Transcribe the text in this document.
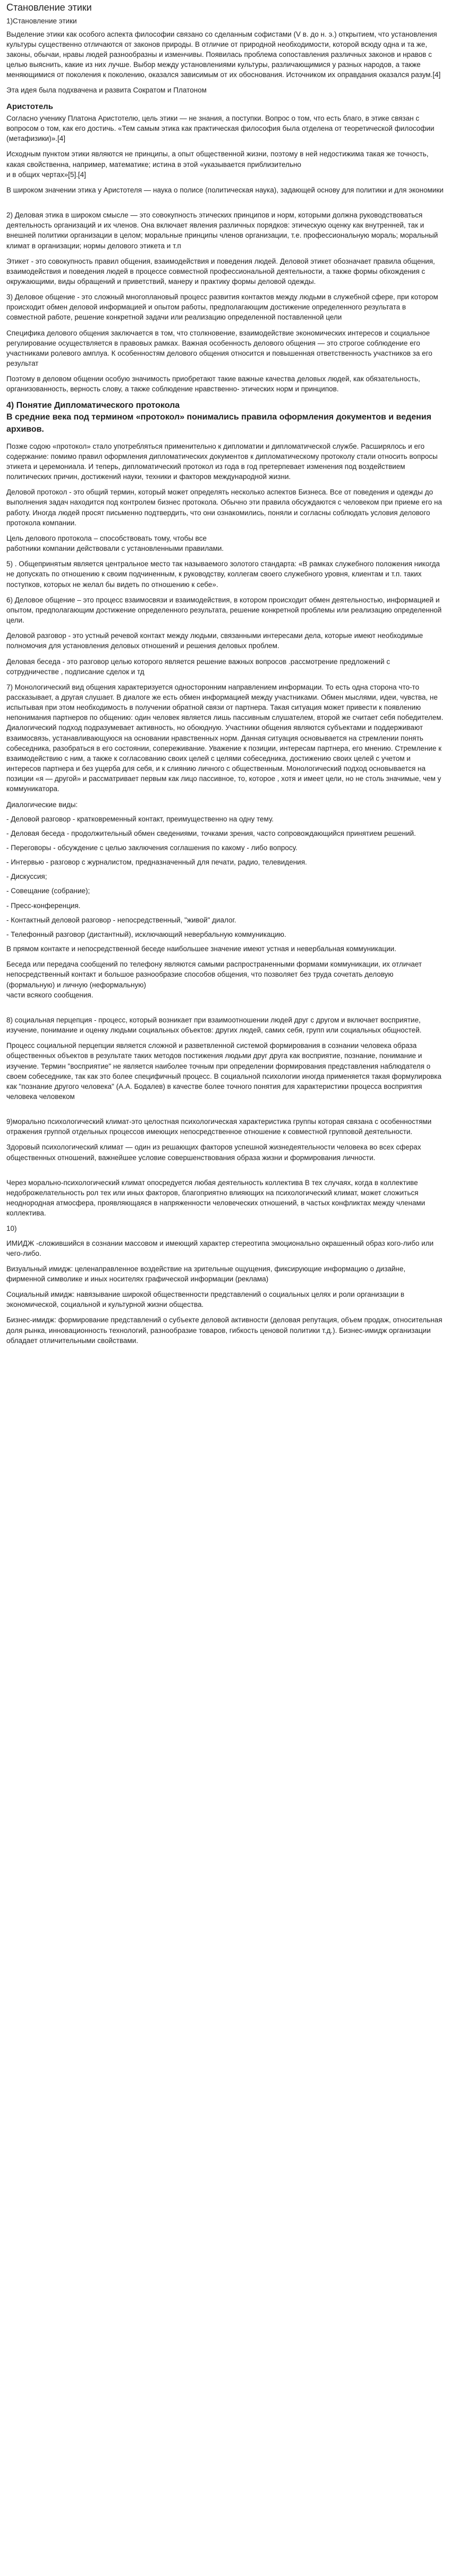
Становление этики
1)Становление этики

Выделение этики как особого аспекта философии связано со сделанным софистами (V в. до н. э.) открытием, что установления культуры существенно отличаются от законов природы. В отличие от природной необходимости, которой всюду одна и та же, законы, обычаи, нравы людей разнообразны и изменчивы. Появилась проблема сопоставления различных законов и нравов с целью выяснить, какие из них лучше. Выбор между установлениями культуры, различающимися у разных народов, а также меняющимися от поколения к поколению, оказался зависимым от их обоснования. Источником их оправдания оказался разум.[4]

Эта идея была подхвачена и развита Сократом и Платоном

Аристотель

Согласно ученику Платона Аристотелю, цель этики — не знания, а поступки. Вопрос о том, что есть благо, в этике связан с вопросом о том, как его достичь. «Тем самым этика как практическая философия была отделена от теоретической философии (метафизики)».[4]

Исходным пунктом этики являются не принципы, а опыт общественной жизни, поэтому в ней недостижима такая же точность, какая свойственна, например, математике; истина в этой «указывается приблизительно
и в общих чертах»[5].[4]

В широком значении этика у Аристотеля — наука о полисе (политическая наука), задающей основу для политики и для экономики

2) Деловая этика в широком смысле — это совокупность этических принципов и норм, которыми должна руководствоваться деятельность организаций и их членов. Она включает явления различных порядков: этическую оценку как внутренней, так и внешней политики организации в целом; моральные принципы членов организации, т.е. профессиональную мораль; моральный климат в организации; нормы делового этикета и т.п

Этикет - это совокупность правил общения, взаимодействия и поведения людей. Деловой этикет обозначает правила общения, взаимодействия и поведения людей в процессе совместной профессиональной деятельности, а также формы обхождения с окружающими, виды обращений и приветствий, манеру и практику формы деловой одежды.

3) Деловое общение - это сложный многоплановый процесс развития контактов между людьми в служебной сфере, при котором происходит обмен деловой информацией и опытом работы, предполагающим достижение определенного результата в совместной работе, решение конкретной задачи или реализацию определенной поставленной цели

Специфика делового общения заключается в том, что столкновение, взаимодействие экономических интересов и социальное регулирование осуществляется в правовых рамках. Важная особенность делового общения — это строгое соблюдение его участниками ролевого амплуа. К особенностям делового общения относится и повышенная ответственность участников за его результат

Поэтому в деловом общении особую значимость приобретают такие важные качества деловых людей, как обязательность, организованность, верность слову, а также соблюдение нравственно- этических норм и принципов.

4) Понятие Дипломатического протокола
В средние века под термином «протокол» понимались правила оформления документов и ведения архивов.

Позже содою «протокол» стало употребляться применительно к дипломатии и дипломатической службе. Расширялось и его содержание: помимо правил оформления дипломатических документов к дипломатическому протоколу стали относить вопросы этикета и церемониала. И теперь, дипломатический протокол из года в год претерпевает изменения под воздействием политических причин, достижений науки, техники и факторов международной жизни.

Деловой протокол - это общий термин, который может определять несколько аспектов Бизнеса. Все от поведения и одежды до выполнения задач находится под контролем бизнес протокола. Обычно эти правила обсуждаются с человеком при приеме его на работу. Иногда людей просят письменно подтвердить, что они ознакомились, поняли и согласны соблюдать условия делового протокола компании.

Цель делового протокола – способствовать тому, чтобы все
работники компании действовали с установленными правилами.

5) . Общепринятым является центральное место так называемого золотого стандарта: «В рамках служебного положения никогда не допускать по отношению к своим подчиненным, к руководству, коллегам своего служебного уровня, клиентам и т.п. таких поступков, которых не желал бы видеть по отношению к себе».

6) Деловое общение – это процесс взаимосвязи и взаимодействия, в котором происходит обмен деятельностью, информацией и опытом, предполагающим достижение определенного результата, решение конкретной проблемы или реализацию определенной цели.

Деловой разговор - это устный речевой контакт между людьми, связанными интересами дела, которые имеют необходимые полномочия для установления деловых отношений и решения деловых проблем.

Деловая беседа - это разговор целью которого является решение важных вопросов .рассмотрение предложений с сотрудничестве , подписание сделок и тд

7) Монологический вид общения характеризуется односторонним направлением информации. То есть одна сторона что-то рассказывает, а другая слушает. В диалоге же есть обмен информацией между участниками. Обмен мыслями, идеи, чувства, не испытывая при этом необходимость в получении обратной связи от партнера. Такая ситуация может привести к появлению непонимания партнеров по общению: один человек является лишь пассивным слушателем, второй же считает себя победителем. Диалогический подход подразумевает активность, но обоюдную. Участники общения являются субъектами и поддерживают взаимосвязь, устанавливающуюся на основании нравственных норм. Данная ситуация основывается на стремлении понять собеседника, разобраться в его состоянии, сопереживание. Уважение к позиции, интересам партнера, его мнению. Стремление к взаимодействию с ним, а также к согласованию своих целей с целями собеседника, достижению своих целей с учетом и интересов партнера и без ущерба для себя, и к слиянию личного с общественным. Монологический подход основывается на позиции «я — другой» и рассматривает первым как лицо пассивное, то, которое , хотя и имеет цели, но не столь значимые, чем у коммуникатора.

Диалогические виды:

- Деловой разговор - кратковременный контакт, преимущественно на одну тему.

- Деловая беседа - продолжительный обмен сведениями, точками зрения, часто сопровождающийся принятием решений.

- Переговоры - обсуждение с целью заключения соглашения по какому - либо вопросу.

- Интервью - разговор с журналистом, предназначенный для печати, радио, телевидения.

- Дискуссия;

- Совещание (собрание);

- Пресс-конференция.

- Контактный деловой разговор - непосредственный, "живой" диалог.

- Телефонный разговор (дистантный), исключающий невербальную коммуникацию.

В прямом контакте и непосредственной беседе наибольшее значение имеют устная и невербальная коммуникации.

Беседа или передача сообщений по телефону являются самыми распространенными формами коммуникации, их отличает непосредственный контакт и большое разнообразие способов общения, что позволяет без труда сочетать деловую (формальную) и личную (неформальную)
части всякого сообщения.

8) социальная перцепция - процесс, который возникает при взаимоотношении людей друг с другом и включает восприятие, изучение, понимание и оценку людьми социальных объектов: других людей, самих себя, групп или социальных общностей.

Процесс социальной перцепции является сложной и разветвленной системой формирования в сознании человека образа общественных объектов в результате таких методов постижения людьми друг друга как восприятие, познание, понимание и изучение. Термин "восприятие" не является наиболее точным при определении формирования представления наблюдателя о своем собеседнике, так как это более специфичный процесс. В социальной психологии иногда применяется такая формулировка как "познание другого человека" (А.А. Бодалев) в качестве более точного понятия для характеристики процесса восприятия человека человеком

9)морально психологический климат-это целостная психологическая характеристика группы которая связана с особенностями отражения группой отдельных процессов имеющих непосредственное отношение к совместной групповой деятельности.

Здоровый психологический климат — один из решающих факторов успешной жизнедеятельности человека во всех сферах общественных отношений, важнейшее условие совершенствования образа жизни и формирования личности.

Через морально-психологический климат опосредуется любая деятельность коллектива В тех случаях, когда в коллективе недоброжелательность рол тех или иных факторов, благоприятно влияющих на психологический климат, может сложиться неоднородная атмосфера, проявляющаяся в напряженности человеческих отношений, в частых конфликтах между членами коллектива.

10)

ИМИДЖ -сложившийся в сознании массовом и имеющий характер стереотипа эмоционально окрашенный образ кого-либо или чего-либо.

Визуальный имидж: целенаправленное воздействие на зрительные ощущения, фиксирующие информацию о дизайне, фирменной символике и иных носителях графической информации (реклама)

Социальный имидж: навязывание широкой общественности представлений о социальных целях и роли организации в экономической, социальной и культурной жизни общества.

Бизнес-имидж: формирование представлений о субъекте деловой активности (деловая репутация, объем продаж, относительная доля рынка, инновационность технологий, разнообразие товаров, гибкость ценовой политики т.д.). Бизнес-имидж организации обладает отличительными свойствами.
